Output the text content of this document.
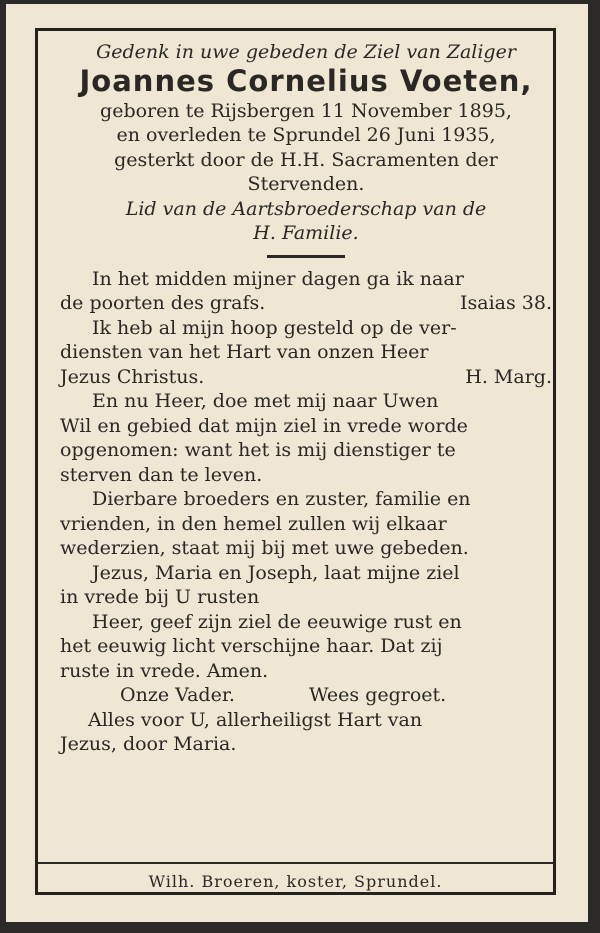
Gedenk in uwe gebeden de Ziel van Zaliger
Joannes Cornelius Voeten,
geboren te Rijsbergen 11 November 1895,
en overleden te Sprundel 26 Juni 1935,
gesterkt door de H.H. Sacramenten der
Stervenden.
Lid van de Aartsbroederschap van de
H. Familie.
In het midden mijner dagen ga ik naar
de poorten des grafs.	Isaias 38.
Ik heb al mijn hoop gesteld op de ver-
diensten van het Hart van onzen Heer
Jezus Christus.	H. Marg.
En nu Heer, doe met mij naar Uwen
Wil en gebied dat mijn ziel in vrede worde
opgenomen: want het is mij dienstiger te
sterven dan te leven.
Dierbare broeders en zuster, familie en
vrienden, in den hemel zullen wij elkaar
wederzien, staat mij bij met uwe gebeden.
Jezus, Maria en Joseph, laat mijne ziel
in vrede bij U rusten
Heer, geef zijn ziel de eeuwige rust en
het eeuwig licht verschijne haar. Dat zij
ruste in vrede. Amen.
Onze Vader.	Wees gegroet.
Alles voor U, allerheiligst Hart van
Jezus, door Maria.
Wilh. Broeren, koster, Sprundel.
